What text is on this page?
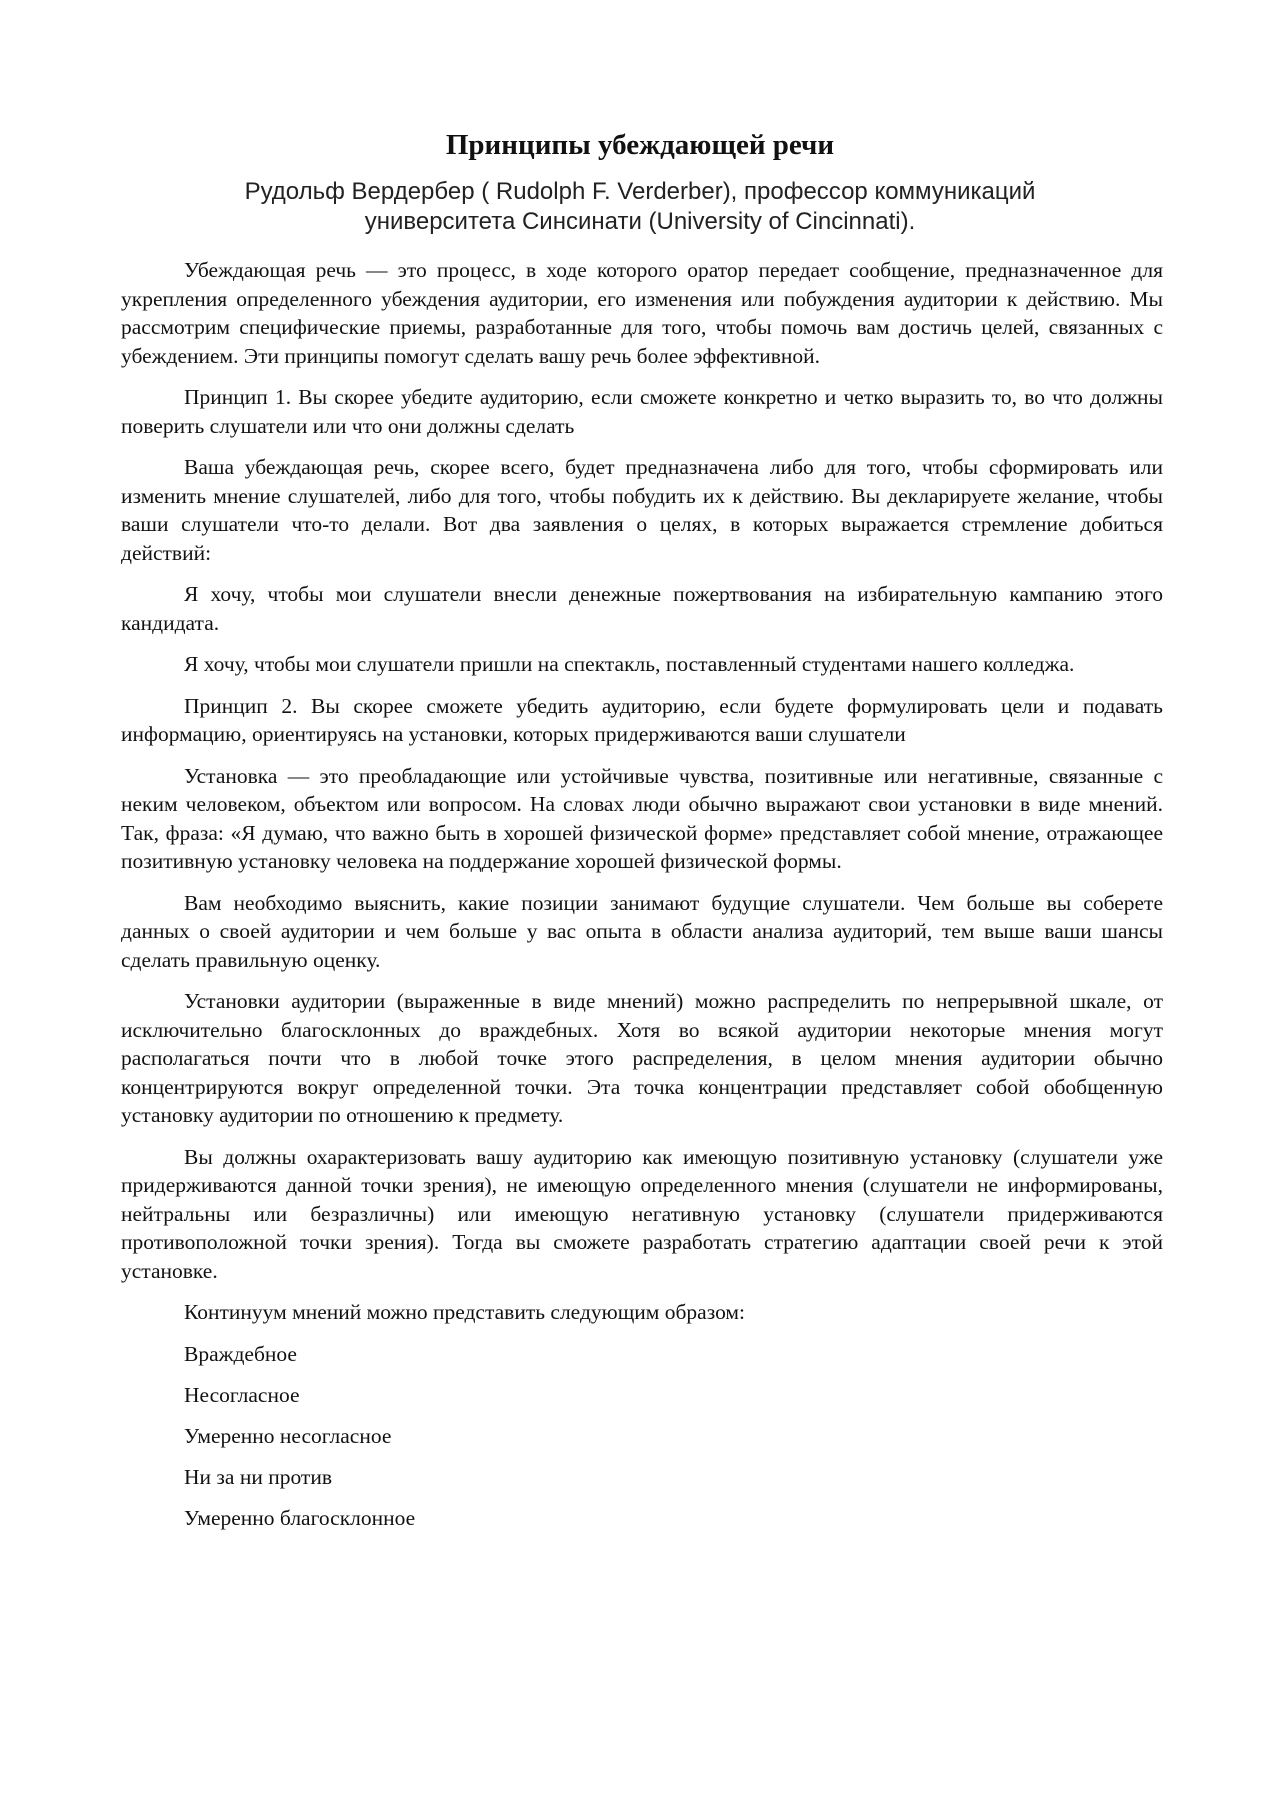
Принципы убеждающей речи
Рудольф Вердербер ( Rudolph F. Verderber), профессор коммуникаций
университета Синсинати (University of Cincinnati).

Убеждающая речь — это процесс, в ходе которого оратор передает сообщение, предназначенное для укрепления определенного убеждения аудитории, его изменения или побуждения аудитории к действию. Мы рассмотрим специфические приемы, разработанные для того, чтобы помочь вам достичь целей, связанных с убеждением. Эти принципы помогут сделать вашу речь более эффективной.

Принцип 1. Вы скорее убедите аудиторию, если сможете конкретно и четко выразить то, во что должны поверить слушатели или что они должны сделать

Ваша убеждающая речь, скорее всего, будет предназначена либо для того, чтобы сформировать или изменить мнение слушателей, либо для того, чтобы побудить их к действию. Вы декларируете желание, чтобы ваши слушатели что-то делали. Вот два заявления о целях, в которых выражается стремление добиться действий:

Я хочу, чтобы мои слушатели внесли денежные пожертвования на избирательную кампанию этого кандидата.

Я хочу, чтобы мои слушатели пришли на спектакль, поставленный студентами нашего колледжа.

Принцип 2. Вы скорее сможете убедить аудиторию, если будете формулировать цели и подавать информацию, ориентируясь на установки, которых придерживаются ваши слушатели

Установка — это преобладающие или устойчивые чувства, позитивные или негативные, связанные с неким человеком, объектом или вопросом. На словах люди обычно выражают свои установки в виде мнений. Так, фраза: «Я думаю, что важно быть в хорошей физической форме» представляет собой мнение, отражающее позитивную установку человека на поддержание хорошей физической формы.

Вам необходимо выяснить, какие позиции занимают будущие слушатели. Чем больше вы соберете данных о своей аудитории и чем больше у вас опыта в области анализа аудиторий, тем выше ваши шансы сделать правильную оценку.

Установки аудитории (выраженные в виде мнений) можно распределить по непрерывной шкале, от исключительно благосклонных до враждебных. Хотя во всякой аудитории некоторые мнения могут располагаться почти что в любой точке этого распределения, в целом мнения аудитории обычно концентрируются вокруг определенной точки. Эта точка концентрации представляет собой обобщенную установку аудитории по отношению к предмету.

Вы должны охарактеризовать вашу аудиторию как имеющую позитивную установку (слушатели уже придерживаются данной точки зрения), не имеющую определенного мнения (слушатели не информированы, нейтральны или безразличны) или имеющую негативную установку (слушатели придерживаются противоположной точки зрения). Тогда вы сможете разработать стратегию адаптации своей речи к этой установке.

Континуум мнений можно представить следующим образом:

Враждебное

Несогласное

Умеренно несогласное

Ни за ни против

Умеренно благосклонное
